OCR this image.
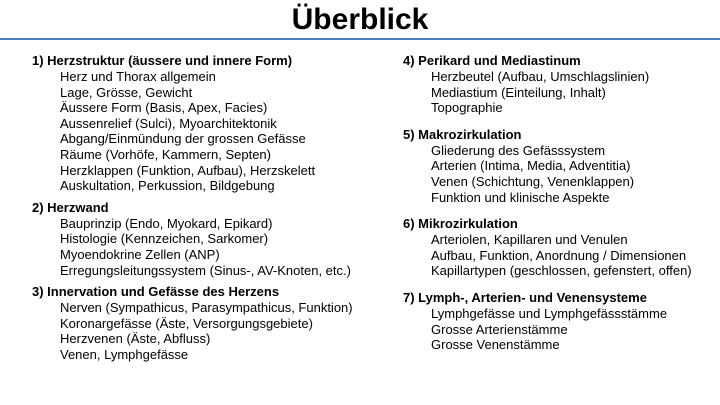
Überblick
1) Herzstruktur (äussere und innere Form)
Herz und Thorax allgemein
Lage, Grösse, Gewicht
Äussere Form (Basis, Apex, Facies)
Aussenrelief (Sulci), Myoarchitektonik
Abgang/Einmündung der grossen Gefässe
Räume (Vorhöfe, Kammern, Septen)
Herzklappen (Funktion, Aufbau), Herzskelett
Auskultation, Perkussion, Bildgebung
2) Herzwand
Bauprinzip (Endo, Myokard, Epikard)
Histologie (Kennzeichen, Sarkomer)
Myoendokrine Zellen (ANP)
Erregungsleitungssystem (Sinus-, AV-Knoten, etc.)
3) Innervation und Gefässe des Herzens
Nerven (Sympathicus, Parasympathicus, Funktion)
Koronargefässe (Äste, Versorgungsgebiete)
Herzvenen (Äste, Abfluss)
Venen, Lymphgefässe
4) Perikard und Mediastinum
Herzbeutel (Aufbau, Umschlagslinien)
Mediastium (Einteilung, Inhalt)
Topographie
5) Makrozirkulation
Gliederung des Gefässsystem
Arterien (Intima, Media, Adventitia)
Venen (Schichtung, Venenklappen)
Funktion und klinische Aspekte
6) Mikrozirkulation
Arteriolen, Kapillaren und Venulen
Aufbau, Funktion, Anordnung / Dimensionen
Kapillartypen (geschlossen, gefenstert, offen)
7) Lymph-, Arterien- und Venensysteme
Lymphgefässe und Lymphgefässstämme
Grosse Arterienstämme
Grosse Venenstämme
